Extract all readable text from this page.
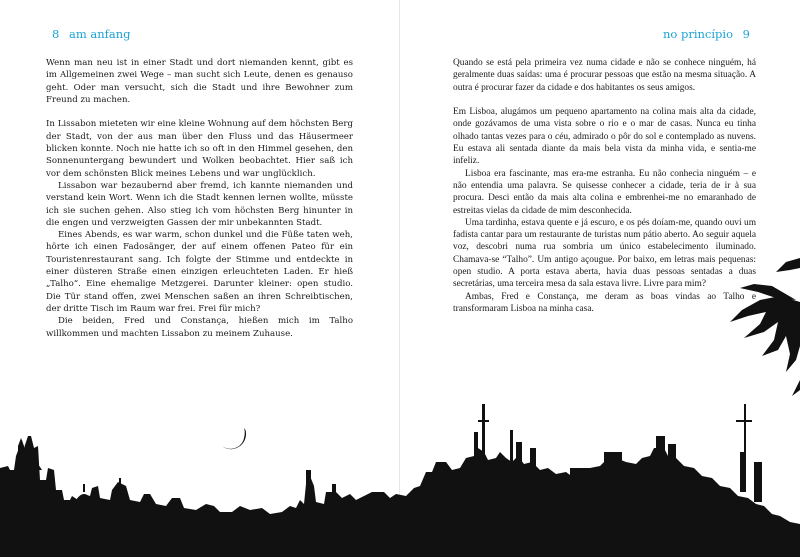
8 am anfang

Wenn man neu ist in einer Stadt und dort niemanden kennt, gibt es im Allgemeinen zwei Wege – man sucht sich Leute, denen es genauso geht. Oder man versucht, sich die Stadt und ihre Bewohner zum Freund zu machen.

In Lissabon mieteten wir eine kleine Wohnung auf dem höchsten Berg der Stadt, von der aus man über den Fluss und das Häusermeer blicken konnte. Noch nie hatte ich so oft in den Himmel gesehen, den Sonnenuntergang bewundert und Wolken beobachtet. Hier saß ich vor dem schönsten Blick meines Lebens und war unglücklich.

Lissabon war bezaubernd aber fremd, ich kannte niemanden und verstand kein Wort. Wenn ich die Stadt kennen lernen wollte, müsste ich sie suchen gehen. Also stieg ich vom höchsten Berg hinunter in die engen und verzweigten Gassen der mir unbekannten Stadt.

Eines Abends, es war warm, schon dunkel und die Füße taten weh, hörte ich einen Fadosänger, der auf einem offenen Pateo für ein Touristenrestaurant sang. Ich folgte der Stimme und entdeckte in einer düsteren Straße einen einzigen erleuchteten Laden. Er hieß „Talho“. Eine ehemalige Metzgerei. Darunter kleiner: open studio. Die Tür stand offen, zwei Menschen saßen an ihren Schreibtischen, der dritte Tisch im Raum war frei. Frei für mich?

Die beiden, Fred und Constança, hießen mich im Talho willkommen und machten Lissabon zu meinem Zuhause.

no princípio 9

Quando se está pela primeira vez numa cidade e não se conhece ninguém, há geralmente duas saídas: uma é procurar pessoas que estão na mesma situação. A outra é procurar fazer da cidade e dos habitantes os seus amigos.

Em Lisboa, alugámos um pequeno apartamento na colina mais alta da cidade, onde gozávamos de uma vista sobre o rio e o mar de casas. Nunca eu tinha olhado tantas vezes para o céu, admirado o pôr do sol e contemplado as nuvens. Eu estava ali sentada diante da mais bela vista da minha vida, e sentia-me infeliz.

Lisboa era fascinante, mas era-me estranha. Eu não conhecia ninguém – e não entendia uma palavra. Se quisesse conhecer a cidade, teria de ir à sua procura. Desci então da mais alta colina e embrenhei-me no emaranhado de estreitas vielas da cidade de mim desconhecida.

Uma tardinha, estava quente e já escuro, e os pés doíam-me, quando ouvi um fadista cantar para um restaurante de turistas num pátio aberto. Ao seguir aquela voz, descobri numa rua sombria um único estabelecimento iluminado. Chamava-se “Talho”. Um antigo açougue. Por baixo, em letras mais pequenas: open studio. A porta estava aberta, havia duas pessoas sentadas a duas secretárias, uma terceira mesa da sala estava livre. Livre para mim?

Ambas, Fred e Constança, me deram as boas vindas ao Talho e transformaram Lisboa na minha casa.
